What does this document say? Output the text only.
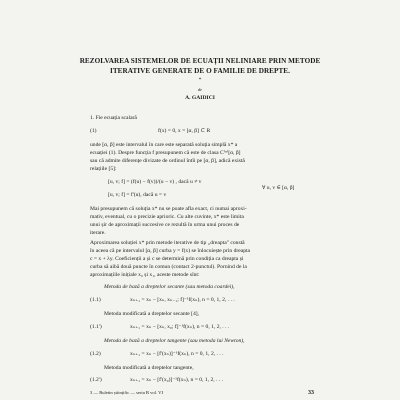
REZOLVAREA SISTEMELOR DE ECUAȚII NELINIARE PRIN METODE
ITERATIVE GENERATE DE O FAMILIE DE DREPTE.
*
de
A. GAIDICI
1. Fie ecuația scalară
(1)	f(x) = 0, x = [α, β] ⊂ R
unde [α, β] este intervalul în care este separată soluția simplă x* a
ecuației (1). Despre funcția f presupunem că este de clasa C⁽ⁿ⁾[α, β]
sau că admite diferențe divizate de ordinul întîi pe [α, β], adică există
relațiile [5]:
[u, v; f] = (f(u) − f(v))/(u − v) , dacă u ≠ v
∀ u, v ∈ [α, β]
[u, v; f] = f'(u), dacă u = v
Mai presupunem că soluția x* nu se poate afla exact, ci numai aproxi-
mativ, eventual, cu o precizie aprioric. Cu alte cuvinte, x* este limita
unui șir de aproximații succesive ce rezultă în urma unui proces de
iterare.
Aproximarea soluției x* prin metode iterative de tip „dreapta" constă
în aceea că pe intervalul [α, β] curba y = f(x) se înlocuiește prin dreapta
c = x + λy. Coeficienții a și c se determină prin condiția ca dreapta și
curba să aibă două puncte în comun (contact 2-punctul). Pornind de la
aproximațiile inițiale x₀ și x₁, aceste metode sînt:
Metoda de bază a dreptelor secante (sau metoda coardei),
(1.1)	xₙ₊₁ = xₙ − [xₙ, xₙ₋₁; f]⁻¹f(xₙ), n = 0, 1, 2, . . .
Metoda modificată a dreptelor secante [4],
(1.1')	xₙ₊₁ = xₙ − [xₙ, x₀; f]⁻¹f(xₙ), n = 0, 1, 2, . . .
Metoda de bază a dreptelor tangente (sau metoda lui Newton),
(1.2)	xₙ₊₁ = xₙ − [f'(xₙ)]⁻¹f(xₙ), n = 0, 1, 2, . . .
Metoda modificată a dreptelor tangente,
(1.2')	xₙ₊₁ = xₙ − [f'(x₀)]⁻¹f(xₙ), n = 0, 1, 2, . . .
3 — Buletin științific — seria B vol. VI	33
